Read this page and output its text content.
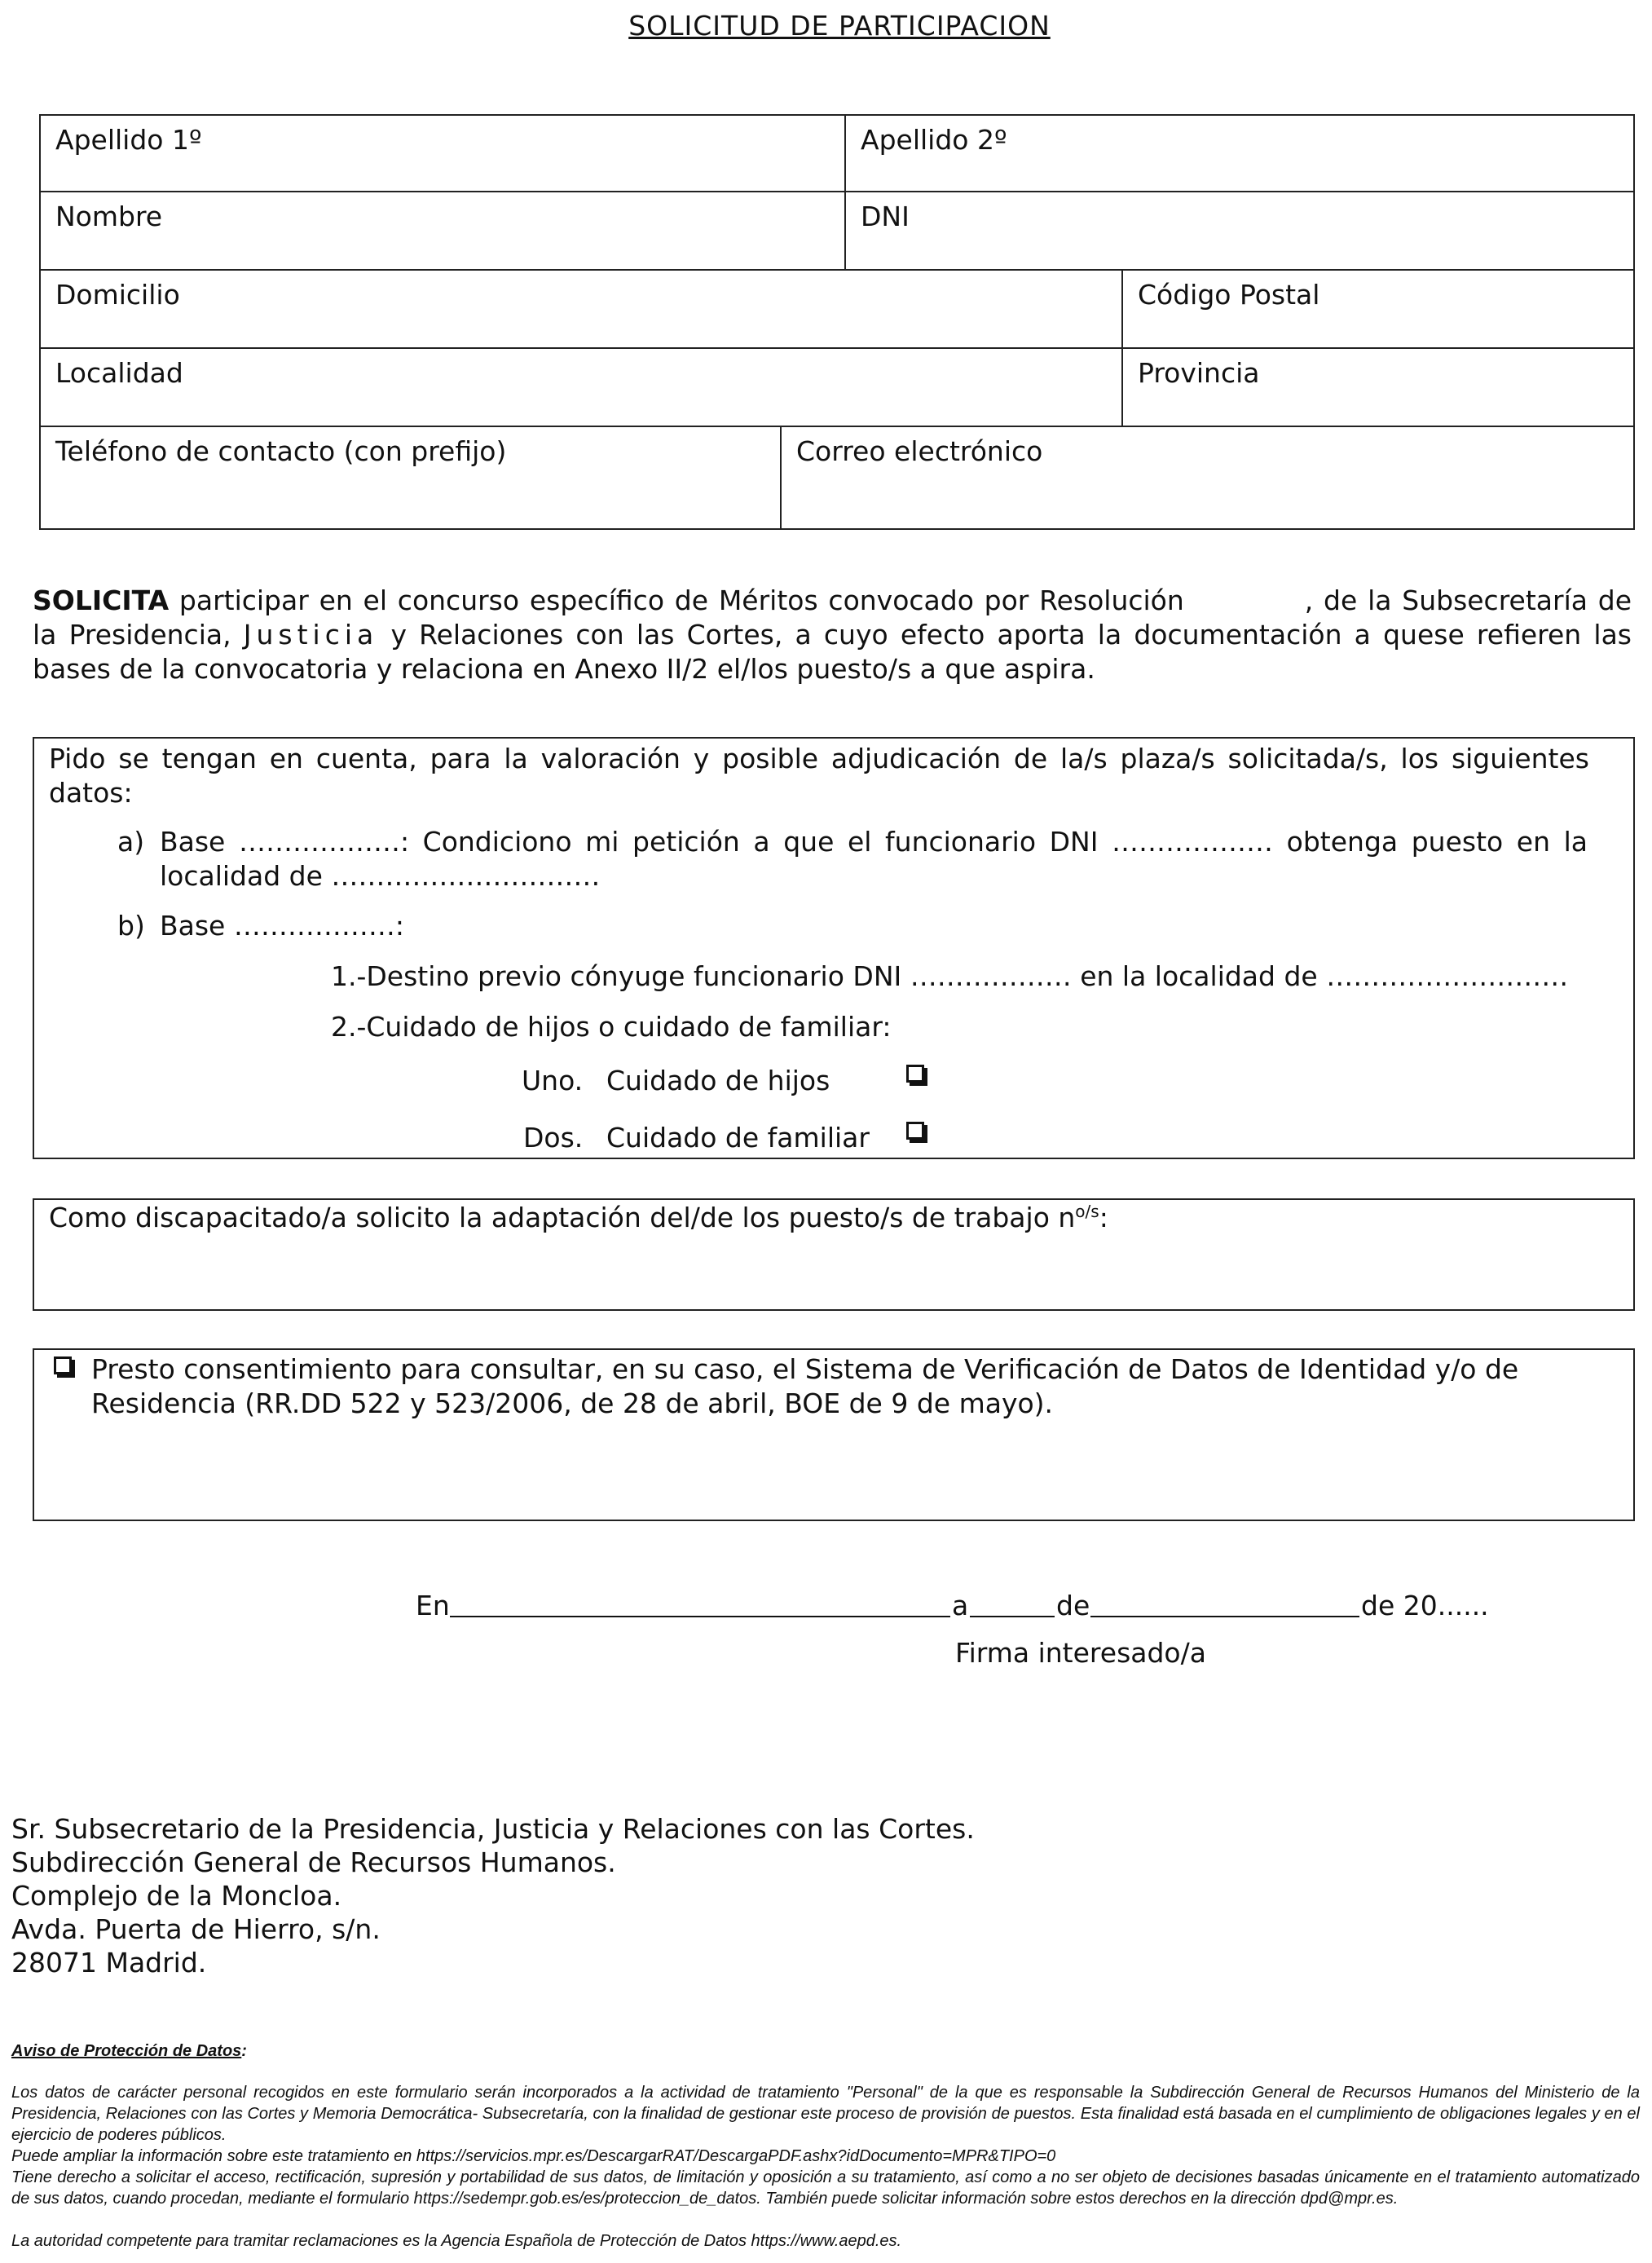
SOLICITUD DE PARTICIPACION
Apellido 1º	Apellido 2º
Nombre	DNI
Domicilio	Código Postal
Localidad	Provincia
Teléfono de contacto (con prefijo)	Correo electrónico
SOLICITA participar en el concurso específico de Méritos convocado por Resolución	, de la Subsecretaría de la Presidencia, Justicia y Relaciones con las Cortes, a cuyo efecto aporta la documentación a quese refieren las bases de la convocatoria y relaciona en Anexo II/2 el/los puesto/s a que aspira.
Pido se tengan en cuenta, para la valoración y posible adjudicación de la/s plaza/s solicitada/s, los siguientes datos:
a) Base ………………: Condiciono mi petición a que el funcionario DNI ……………… obtenga puesto en la
localidad de …………………………
b) Base ………………:
1.-Destino previo cónyuge funcionario DNI ……………… en la localidad de ………………………
2.-Cuidado de hijos o cuidado de familiar:
Uno. Cuidado de hijos
Dos. Cuidado de familiar
Como discapacitado/a solicito la adaptación del/de los puesto/s de trabajo $n^{o/s}$:
Presto consentimiento para consultar, en su caso, el Sistema de Verificación de Datos de Identidad y/o de
Residencia (RR.DD 522 y 523/2006, de 28 de abril, BOE de 9 de mayo).
En	a	de	de 20......
Firma interesado/a
Sr. Subsecretario de la Presidencia, Justicia y Relaciones con las Cortes.
Subdirección General de Recursos Humanos.
Complejo de la Moncloa.
Avda. Puerta de Hierro, s/n.
28071 Madrid.
Aviso de Protección de Datos:
Los datos de carácter personal recogidos en este formulario serán incorporados a la actividad de tratamiento "Personal" de la que es responsable la Subdirección General de Recursos Humanos del Ministerio de la Presidencia, Relaciones con las Cortes y Memoria Democrática- Subsecretaría, con la finalidad de gestionar este proceso de provisión de puestos. Esta finalidad está basada en el cumplimiento de obligaciones legales y en el ejercicio de poderes públicos.
Puede ampliar la información sobre este tratamiento en https://servicios.mpr.es/DescargarRAT/DescargaPDF.ashx?idDocumento=MPR&TIPO=0
Tiene derecho a solicitar el acceso, rectificación, supresión y portabilidad de sus datos, de limitación y oposición a su tratamiento, así como a no ser objeto de decisiones basadas únicamente en el tratamiento automatizado de sus datos, cuando procedan, mediante el formulario https://sedempr.gob.es/es/proteccion_de_datos. También puede solicitar información sobre estos derechos en la dirección dpd@mpr.es.
La autoridad competente para tramitar reclamaciones es la Agencia Española de Protección de Datos https://www.aepd.es.
